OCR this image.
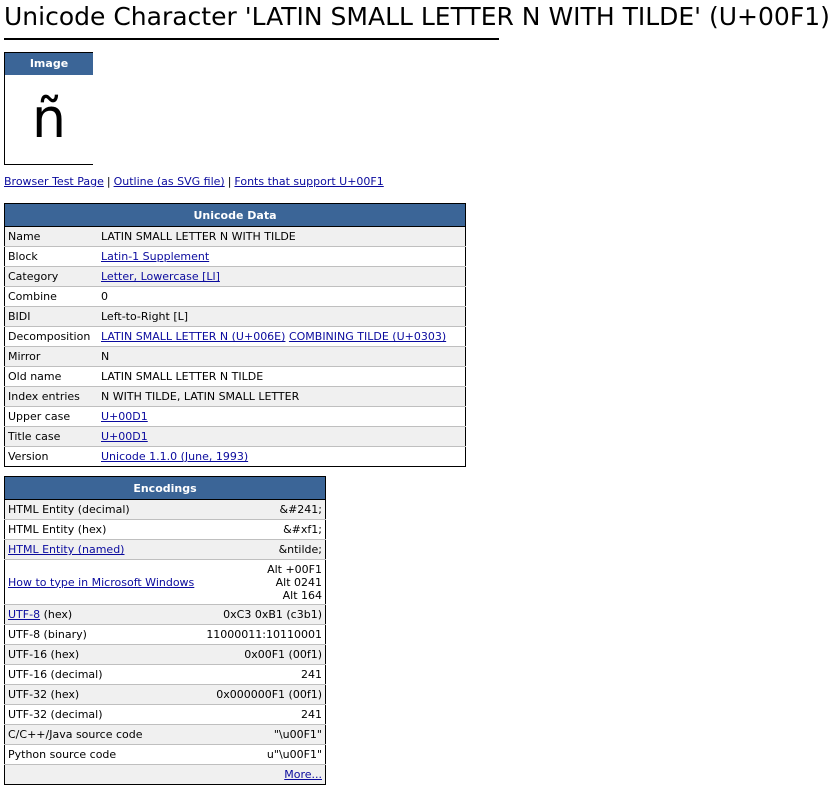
Unicode Character 'LATIN SMALL LETTER N WITH TILDE' (U+00F1)
Image
ñ
Browser Test Page | Outline (as SVG file) | Fonts that support U+00F1
Unicode Data	
Name	LATIN SMALL LETTER N WITH TILDE
Block	Latin-1 Supplement
Category	Letter, Lowercase [Ll]
Combine	0
BIDI	Left-to-Right [L]
Decomposition	LATIN SMALL LETTER N (U+006E) COMBINING TILDE (U+0303)
Mirror	N
Old name	LATIN SMALL LETTER N TILDE
Index entries	N WITH TILDE, LATIN SMALL LETTER
Upper case	U+00D1
Title case	U+00D1
Version	Unicode 1.1.0 (June, 1993)
Encodings	
HTML Entity (decimal)	&#241;
HTML Entity (hex)	&#xf1;
HTML Entity (named)	&ntilde;
How to type in Microsoft Windows	Alt +00F1
Alt 0241
Alt 164

UTF-8 (hex)	0xC3 0xB1 (c3b1)
UTF-8 (binary)	11000011:10110001
UTF-16 (hex)	0x00F1 (00f1)
UTF-16 (decimal)	241
UTF-32 (hex)	0x000000F1 (00f1)
UTF-32 (decimal)	241
C/C++/Java source code	"\u00F1"
Python source code	u"\u00F1"
More...	
